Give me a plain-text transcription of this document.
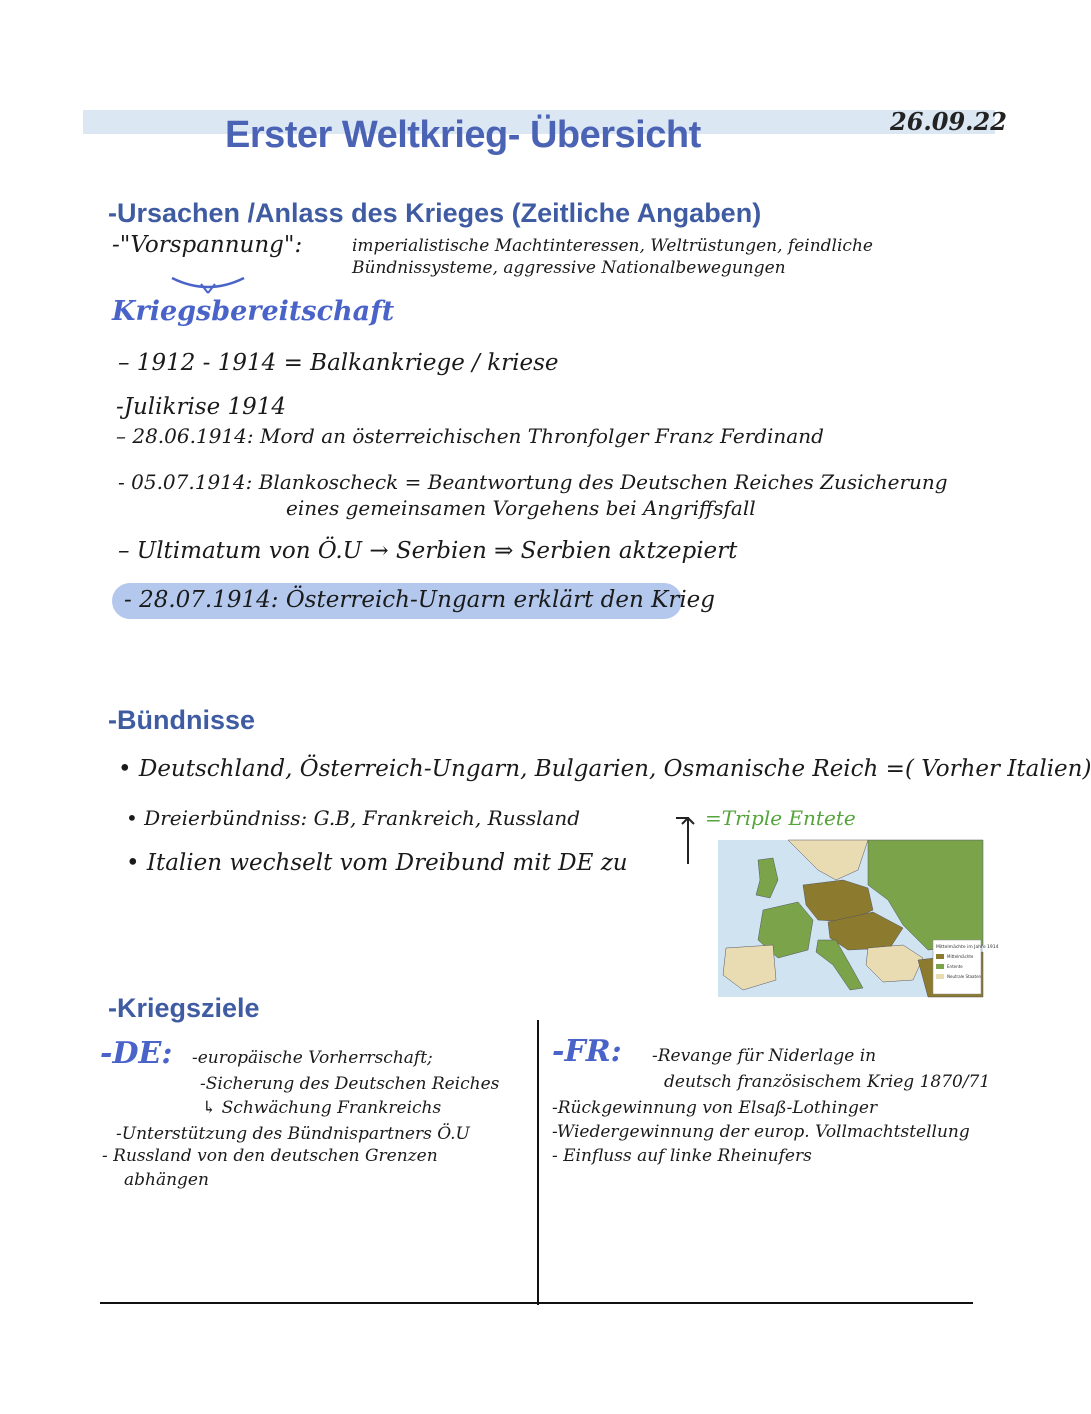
Erster Weltkrieg- Übersicht	26.09.22
-Ursachen /Anlass des Krieges (Zeitliche Angaben)
-"Vorspannung":	imperialistische Machtinteressen, Weltrüstungen, feindliche
Bündnissysteme, aggressive Nationalbewegungen
Kriegsbereitschaft
– 1912 - 1914 = Balkankriege / kriese
-Julikrise 1914
– 28.06.1914: Mord an österreichischen Thronfolger Franz Ferdinand
- 05.07.1914: Blankoscheck = Beantwortung des Deutschen Reiches Zusicherung
eines gemeinsamen Vorgehens bei Angriffsfall
– Ultimatum von Ö.U → Serbien ⇒ Serbien aktzepiert
- 28.07.1914: Österreich-Ungarn erklärt den Krieg
-Bündnisse
• Deutschland, Österreich-Ungarn, Bulgarien, Osmanische Reich =( Vorher Italien)
• Dreierbündniss: G.B, Frankreich, Russland
• Italien wechselt vom Dreibund mit DE zu
=Triple Entete
Mittelmächte im Jahre 1914
Mittelmächte
Entente
Neutrale Staaten
-Kriegsziele
-DE: -europäische Vorherrschaft;
-Sicherung des Deutschen Reiches
↳ Schwächung Frankreichs
-Unterstützung des Bündnispartners Ö.U
- Russland von den deutschen Grenzen
abhängen
-FR: -Revange für Niderlage in
deutsch französischem Krieg 1870/71
-Rückgewinnung von Elsaß-Lothinger
-Wiedergewinnung der europ. Vollmachtstellung
- Einfluss auf linke Rheinufers
